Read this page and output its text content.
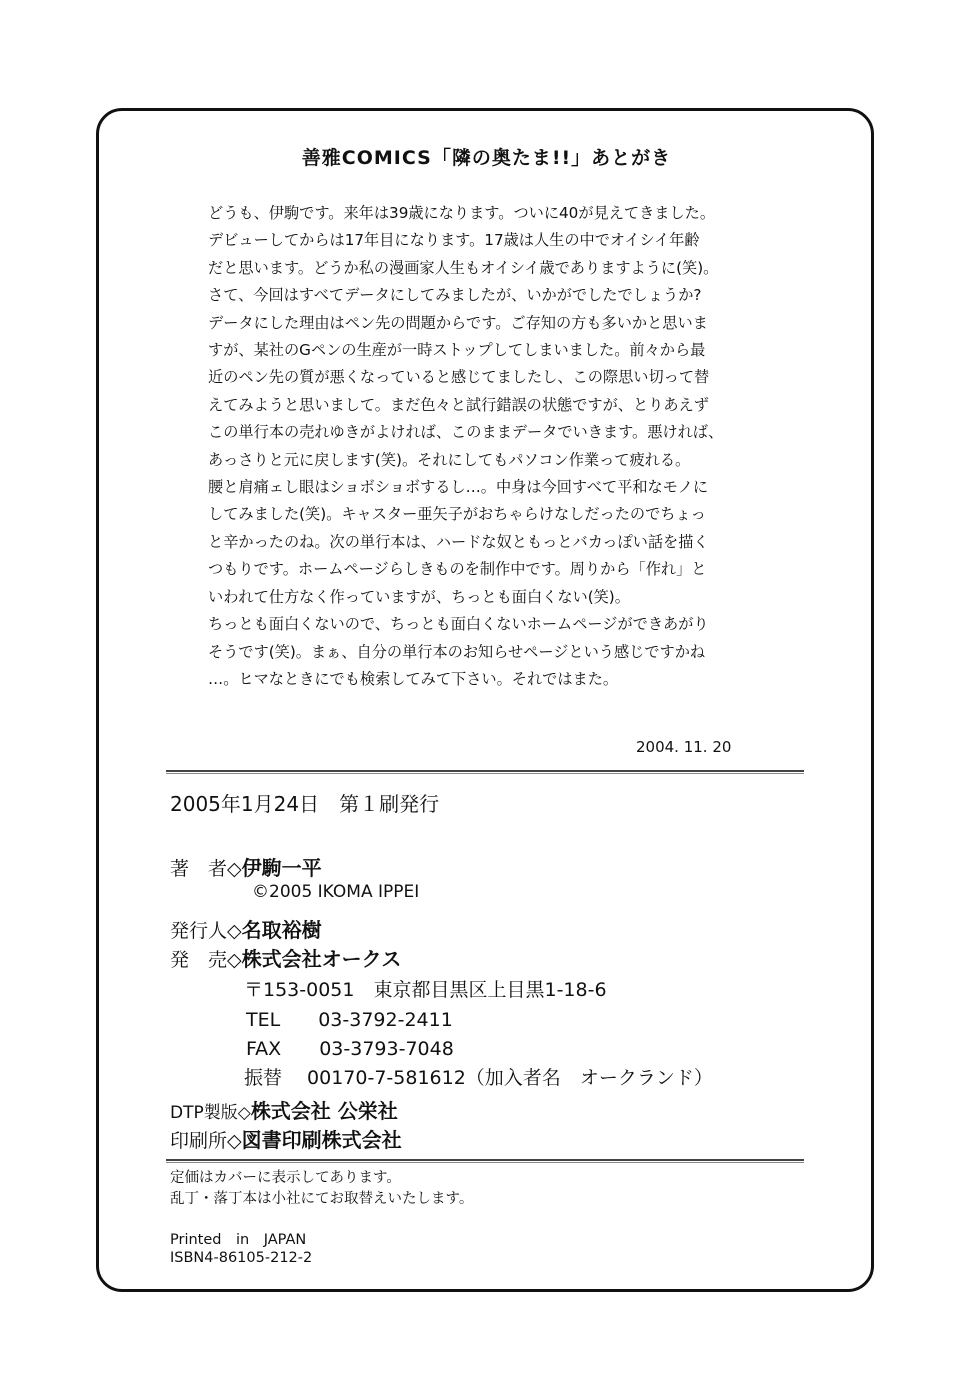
善雅COMICS「隣の奥たま!!」あとがき
どうも、伊駒です。来年は39歳になります。ついに40が見えてきました。
デビューしてからは17年目になります。17歳は人生の中でオイシイ年齢
だと思います。どうか私の漫画家人生もオイシイ歳でありますように(笑)。
さて、今回はすべてデータにしてみましたが、いかがでしたでしょうか?
データにした理由はペン先の問題からです。ご存知の方も多いかと思いま
すが、某社のGペンの生産が一時ストップしてしまいました。前々から最
近のペン先の質が悪くなっていると感じてましたし、この際思い切って替
えてみようと思いまして。まだ色々と試行錯誤の状態ですが、とりあえず
この単行本の売れゆきがよければ、このままデータでいきます。悪ければ、
あっさりと元に戻します(笑)。それにしてもパソコン作業って疲れる。
腰と肩痛ェし眼はショボショボするし…。中身は今回すべて平和なモノに
してみました(笑)。キャスター亜矢子がおちゃらけなしだったのでちょっ
と辛かったのね。次の単行本は、ハードな奴ともっとバカっぽい話を描く
つもりです。ホームページらしきものを制作中です。周りから「作れ」と
いわれて仕方なく作っていますが、ちっとも面白くない(笑)。
ちっとも面白くないので、ちっとも面白くないホームページができあがり
そうです(笑)。まぁ、自分の単行本のお知らせページという感じですかね
…。ヒマなときにでも検索してみて下さい。それではまた。
2004. 11. 20
2005年1月24日　第１刷発行
著　者◇伊駒一平
©2005 IKOMA IPPEI
発行人◇名取裕樹
発　売◇株式会社オークス
〒153-0051　東京都目黒区上目黒1-18-6
TEL　　03-3792-2411
FAX　　03-3793-7048
振替　 00170-7-581612（加入者名　オークランド）
DTP製版◇株式会社 公栄社
印刷所◇図書印刷株式会社
定価はカバーに表示してあります。
乱丁・落丁本は小社にてお取替えいたします。
Printed　in　JAPAN
ISBN4-86105-212-2
